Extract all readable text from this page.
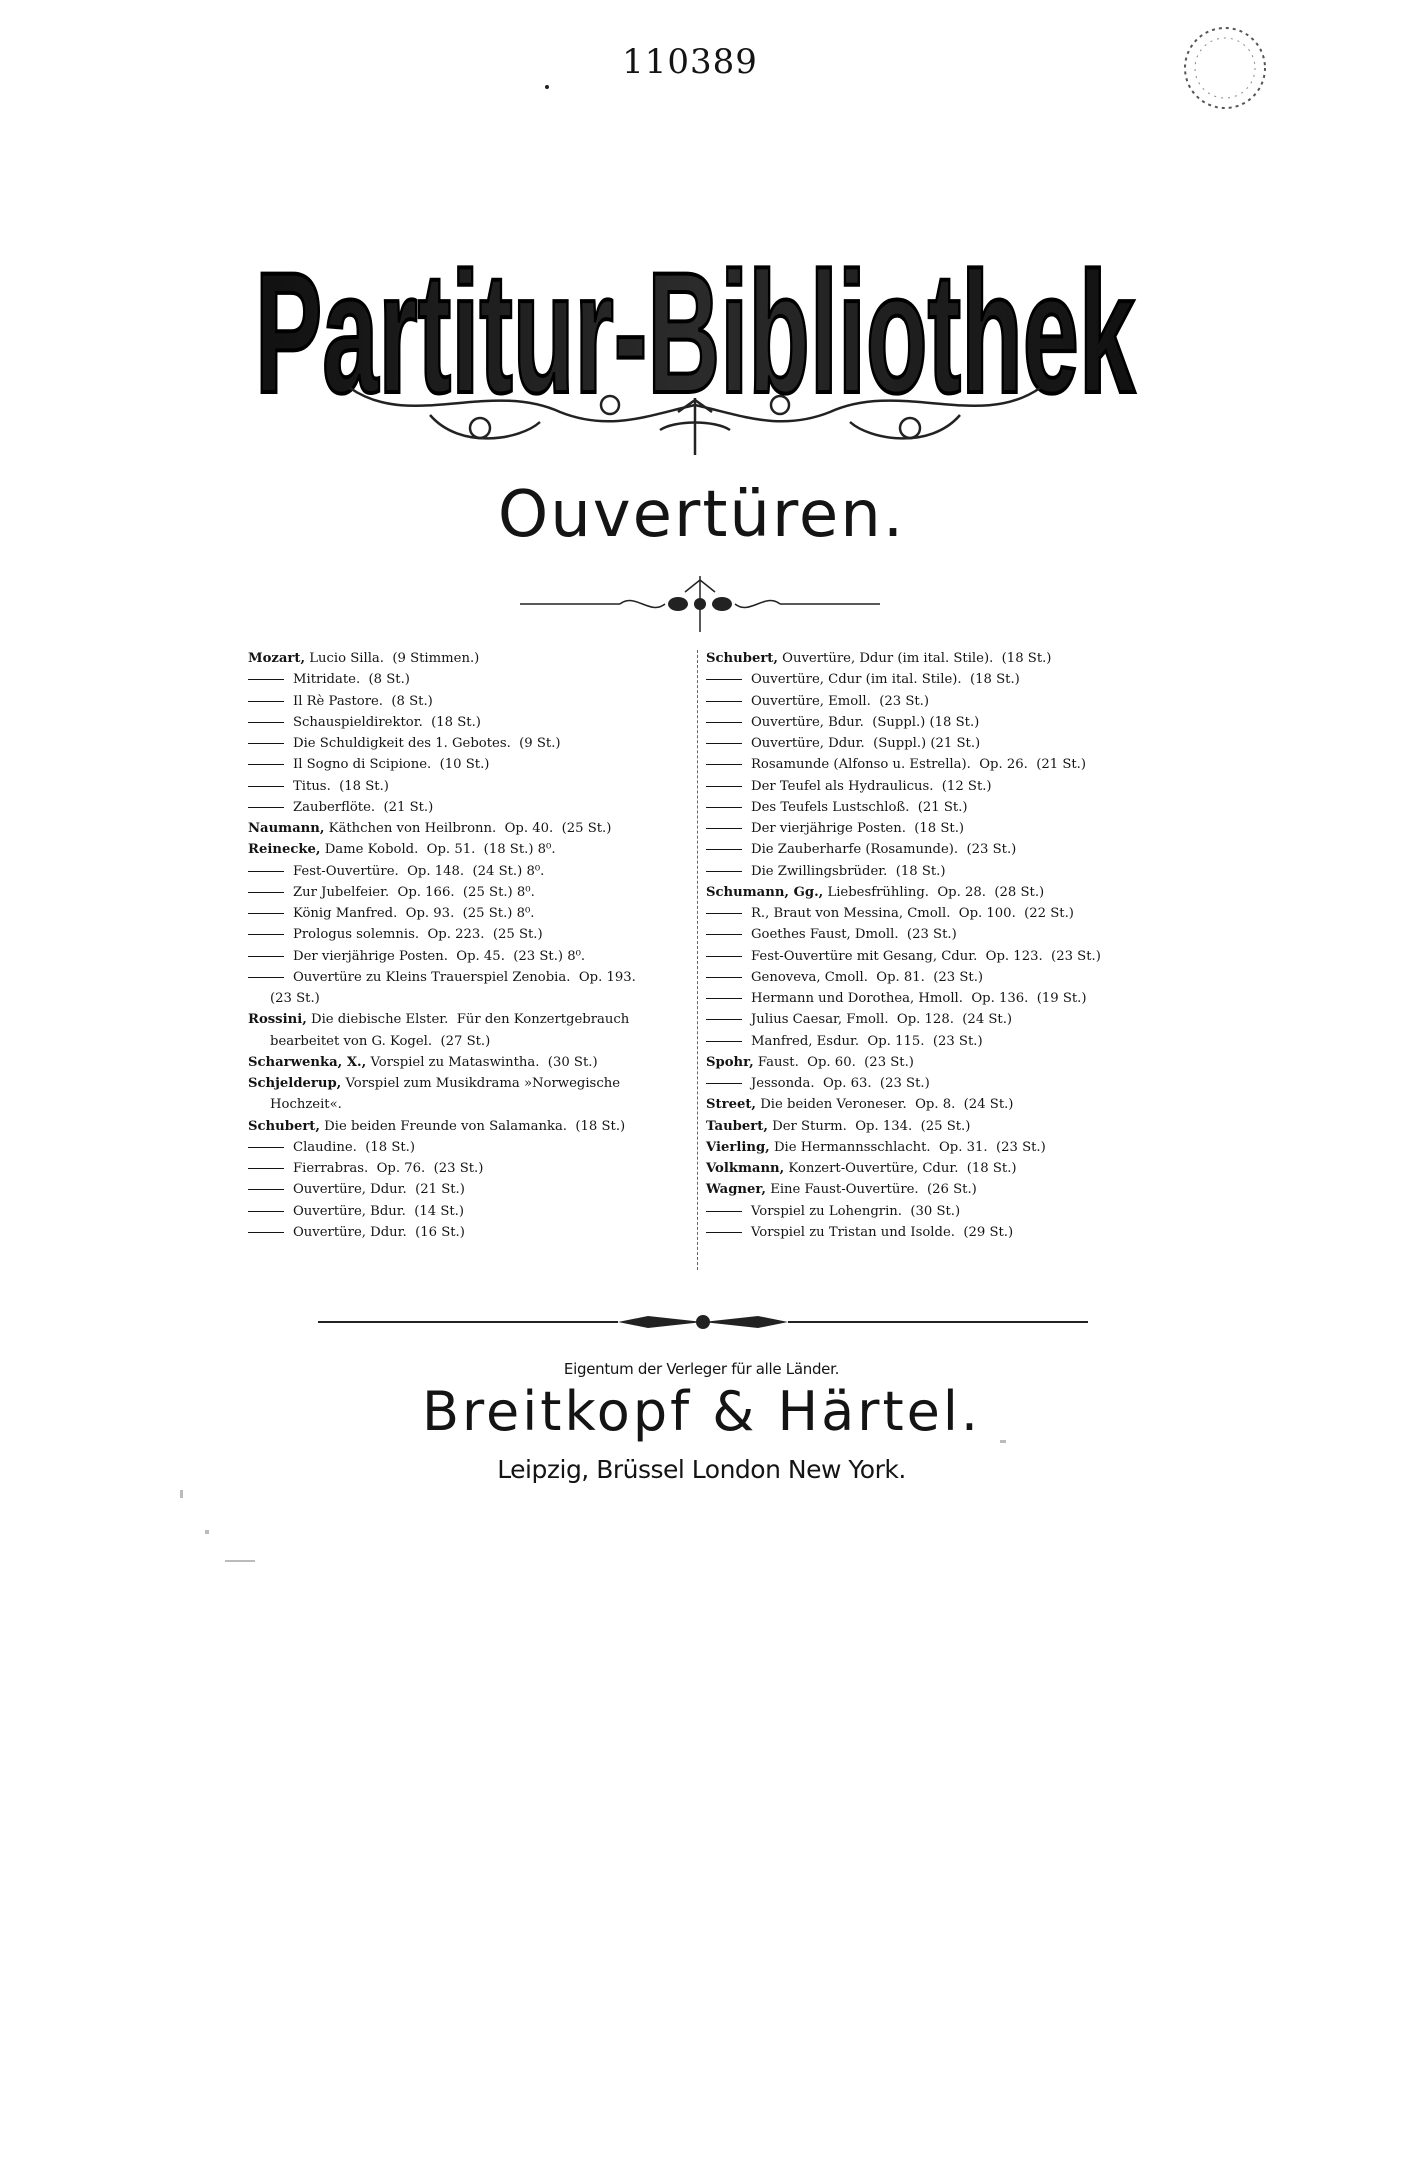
110389
Partitur-Bibliothek
Ouvertüren.
Mozart, Lucio Silla.  (9 Stimmen.)
Mitridate.  (8 St.)
Il Rè Pastore.  (8 St.)
Schauspieldirektor.  (18 St.)
Die Schuldigkeit des 1. Gebotes.  (9 St.)
Il Sogno di Scipione.  (10 St.)
Titus.  (18 St.)
Zauberflöte.  (21 St.)
Naumann, Käthchen von Heilbronn.  Op. 40.  (25 St.)
Reinecke, Dame Kobold.  Op. 51.  (18 St.) 8⁰.
Fest-Ouvertüre.  Op. 148.  (24 St.) 8⁰.
Zur Jubelfeier.  Op. 166.  (25 St.) 8⁰.
König Manfred.  Op. 93.  (25 St.) 8⁰.
Prologus solemnis.  Op. 223.  (25 St.)
Der vierjährige Posten.  Op. 45.  (23 St.) 8⁰.
Ouvertüre zu Kleins Trauerspiel Zenobia.  Op. 193.
(23 St.)
Rossini, Die diebische Elster.  Für den Konzertgebrauch
bearbeitet von G. Kogel.  (27 St.)
Scharwenka, X., Vorspiel zu Mataswintha.  (30 St.)
Schjelderup, Vorspiel zum Musikdrama »Norwegische
Hochzeit«.
Schubert, Die beiden Freunde von Salamanka.  (18 St.)
Claudine.  (18 St.)
Fierrabras.  Op. 76.  (23 St.)
Ouvertüre, Ddur.  (21 St.)
Ouvertüre, Bdur.  (14 St.)
Ouvertüre, Ddur.  (16 St.)
Schubert, Ouvertüre, Ddur (im ital. Stile).  (18 St.)
Ouvertüre, Cdur (im ital. Stile).  (18 St.)
Ouvertüre, Emoll.  (23 St.)
Ouvertüre, Bdur.  (Suppl.) (18 St.)
Ouvertüre, Ddur.  (Suppl.) (21 St.)
Rosamunde (Alfonso u. Estrella).  Op. 26.  (21 St.)
Der Teufel als Hydraulicus.  (12 St.)
Des Teufels Lustschloß.  (21 St.)
Der vierjährige Posten.  (18 St.)
Die Zauberharfe (Rosamunde).  (23 St.)
Die Zwillingsbrüder.  (18 St.)
Schumann, Gg., Liebesfrühling.  Op. 28.  (28 St.)
R., Braut von Messina, Cmoll.  Op. 100.  (22 St.)
Goethes Faust, Dmoll.  (23 St.)
Fest-Ouvertüre mit Gesang, Cdur.  Op. 123.  (23 St.)
Genoveva, Cmoll.  Op. 81.  (23 St.)
Hermann und Dorothea, Hmoll.  Op. 136.  (19 St.)
Julius Caesar, Fmoll.  Op. 128.  (24 St.)
Manfred, Esdur.  Op. 115.  (23 St.)
Spohr, Faust.  Op. 60.  (23 St.)
Jessonda.  Op. 63.  (23 St.)
Street, Die beiden Veroneser.  Op. 8.  (24 St.)
Taubert, Der Sturm.  Op. 134.  (25 St.)
Vierling, Die Hermannsschlacht.  Op. 31.  (23 St.)
Volkmann, Konzert-Ouvertüre, Cdur.  (18 St.)
Wagner, Eine Faust-Ouvertüre.  (26 St.)
Vorspiel zu Lohengrin.  (30 St.)
Vorspiel zu Tristan und Isolde.  (29 St.)
Eigentum der Verleger für alle Länder.
Breitkopf & Härtel.
Leipzig, Brüssel London New York.
